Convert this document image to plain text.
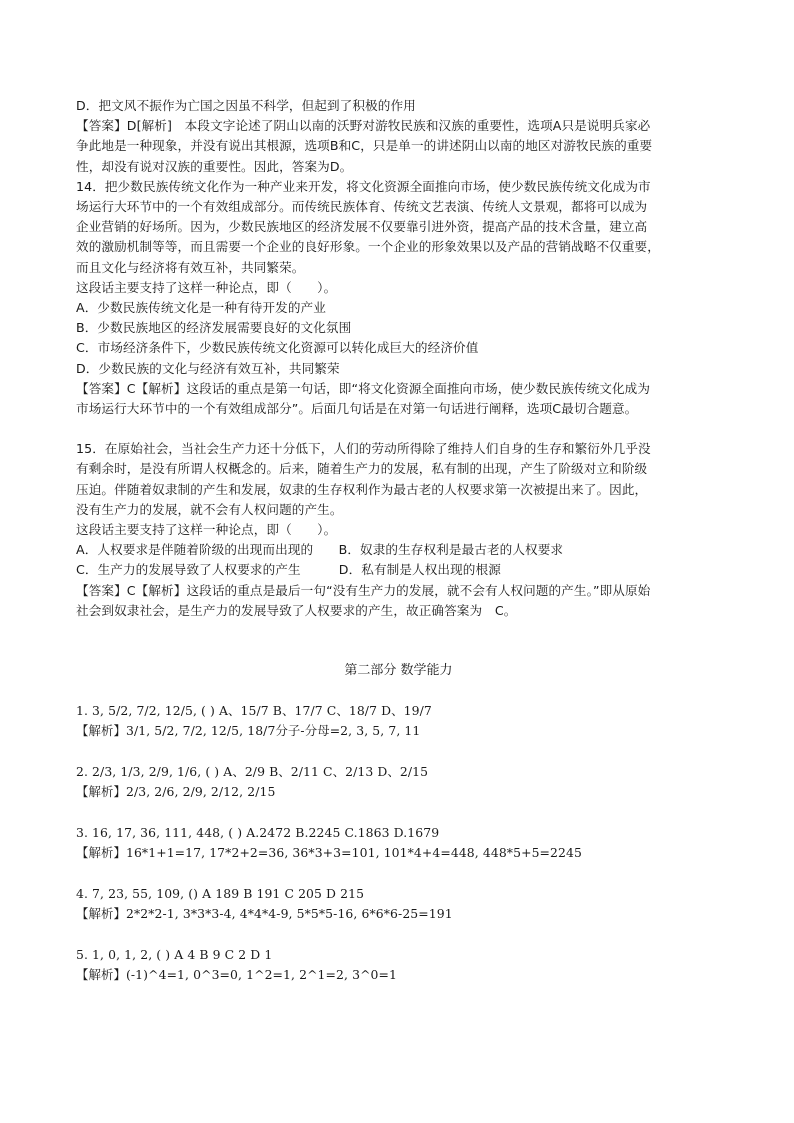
D．把文风不振作为亡国之因虽不科学，但起到了积极的作用
【答案】D[解析]　本段文字论述了阴山以南的沃野对游牧民族和汉族的重要性，选项A只是说明兵家必
争此地是一种现象，并没有说出其根源，选项B和C，只是单一的讲述阴山以南的地区对游牧民族的重要
性，却没有说对汉族的重要性。因此，答案为D。
14．把少数民族传统文化作为一种产业来开发，将文化资源全面推向市场，使少数民族传统文化成为市
场运行大环节中的一个有效组成部分。而传统民族体育、传统文艺表演、传统人文景观，都将可以成为
企业营销的好场所。因为，少数民族地区的经济发展不仅要靠引进外资，提高产品的技术含量，建立高
效的激励机制等等，而且需要一个企业的良好形象。一个企业的形象效果以及产品的营销战略不仅重要，
而且文化与经济将有效互补，共同繁荣。
这段话主要支持了这样一种论点，即（　　）。
A．少数民族传统文化是一种有待开发的产业
B．少数民族地区的经济发展需要良好的文化氛围
C．市场经济条件下，少数民族传统文化资源可以转化成巨大的经济价值
D．少数民族的文化与经济有效互补，共同繁荣
【答案】C【解析】这段话的重点是第一句话，即“将文化资源全面推向市场，使少数民族传统文化成为
市场运行大环节中的一个有效组成部分”。后面几句话是在对第一句话进行阐释，选项C最切合题意。
15．在原始社会，当社会生产力还十分低下，人们的劳动所得除了维持人们自身的生存和繁衍外几乎没
有剩余时，是没有所谓人权概念的。后来，随着生产力的发展，私有制的出现，产生了阶级对立和阶级
压迫。伴随着奴隶制的产生和发展，奴隶的生存权利作为最古老的人权要求第一次被提出来了。因此，
没有生产力的发展，就不会有人权问题的产生。
这段话主要支持了这样一种论点，即（　　）。
A．人权要求是伴随着阶级的出现而出现的　　B．奴隶的生存权利是最古老的人权要求
C．生产力的发展导致了人权要求的产生　　　D．私有制是人权出现的根源
【答案】C【解析】这段话的重点是最后一句“没有生产力的发展，就不会有人权问题的产生。”即从原始
社会到奴隶社会，是生产力的发展导致了人权要求的产生，故正确答案为　C。
第二部分 数学能力
1. 3, 5/2, 7/2, 12/5, ( ) A、15/7 B、17/7 C、18/7 D、19/7
【解析】3/1, 5/2, 7/2, 12/5, 18/7分子-分母=2, 3, 5, 7, 11
2. 2/3, 1/3, 2/9, 1/6, ( ) A、2/9 B、2/11 C、2/13 D、2/15
【解析】2/3, 2/6, 2/9, 2/12, 2/15
3. 16, 17, 36, 111, 448, ( ) A.2472 B.2245 C.1863 D.1679
【解析】16*1+1=17, 17*2+2=36, 36*3+3=101, 101*4+4=448, 448*5+5=2245
4. 7, 23, 55, 109, () A 189 B 191 C 205 D 215
【解析】2*2*2-1, 3*3*3-4, 4*4*4-9, 5*5*5-16, 6*6*6-25=191
5. 1, 0, 1, 2, ( ) A 4 B 9 C 2 D 1
【解析】(-1)^4=1, 0^3=0, 1^2=1, 2^1=2, 3^0=1
